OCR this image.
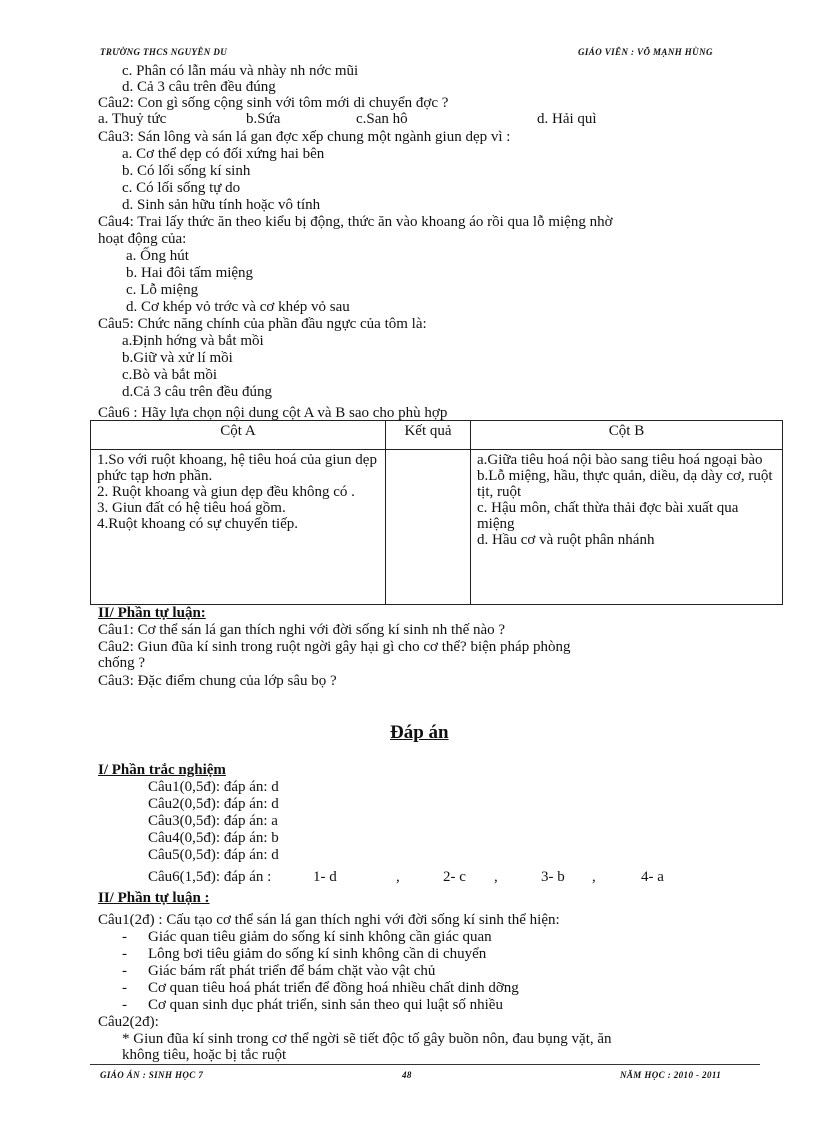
TRƯỜNG THCS NGUYỄN DU	GIÁO VIÊN : VÕ MẠNH HÙNG
c. Phân có lẫn máu và nhày nh nớc mũi
d. Cả 3 câu trên đều đúng
Câu2: Con gì sống cộng sinh với tôm mới di chuyển đợc ?
a. Thuỷ tức	b.Sứa	c.San hô	d. Hải quì
Câu3: Sán lông và sán lá gan đợc xếp chung một ngành giun dẹp vì :
a. Cơ thể dẹp có đối xứng hai bên
b. Có lối sống kí sinh
c. Có lối sống tự do
d. Sinh sản hữu tính hoặc vô tính
Câu4: Trai lấy thức ăn theo kiểu bị động, thức ăn vào khoang áo rồi qua lỗ miệng nhờ
hoạt động của:
a. Ống hút
b. Hai đôi tấm miệng
c. Lỗ miệng
d. Cơ khép vỏ trớc và cơ khép vỏ sau
Câu5: Chức năng chính của phần đầu ngực của tôm là:
a.Định hớng và bắt mồi
b.Giữ và xử lí mồi
c.Bò và bắt mồi
d.Cả 3 câu trên đều đúng
Câu6 : Hãy lựa chọn nội dung cột A và B sao cho phù hợp
Cột A	Kết quả	Cột B

1.So với ruột khoang, hệ tiêu hoá của giun dẹp phức tạp hơn phần.
2. Ruột khoang và giun dẹp đều không có .
3. Giun đất có hệ tiêu hoá gồm.
4.Ruột khoang có sự chuyển tiếp.		a.Giữa tiêu hoá nội bào sang tiêu hoá ngoại bào
b.Lỗ miệng, hầu, thực quản, diều, dạ dày cơ, ruột tịt, ruột
c. Hậu môn, chất thừa thải đợc bài xuất qua miệng
d. Hầu cơ và ruột phân nhánh
II/ Phần tự luận:
Câu1: Cơ thể sán lá gan thích nghi với đời sống kí sinh nh thế nào ?
Câu2: Giun đũa kí sinh trong ruột ngời gây hại gì cho cơ thể? biện pháp phòng
chống ?
Câu3: Đặc điểm chung của lớp sâu bọ ?
Đáp án
I/ Phần trắc nghiệm
Câu1(0,5đ): đáp án: d
Câu2(0,5đ): đáp án: d
Câu3(0,5đ): đáp án: a
Câu4(0,5đ): đáp án: b
Câu5(0,5đ): đáp án: d
Câu6(1,5đ): đáp án :	1- d	,	2- c ,	3- b ,	4- a
II/ Phần tự luận :
Câu1(2đ) : Cấu tạo cơ thể sán lá gan thích nghi với đời sống kí sinh thể hiện:
- Giác quan tiêu giảm do sống kí sinh không cần giác quan
- Lông bơi tiêu giảm do sống kí sinh không cần di chuyển
- Giác bám rất phát triển để bám chặt vào vật chủ
- Cơ quan tiêu hoá phát triển để đồng hoá nhiều chất dinh dỡng
- Cơ quan sinh dục phát triển, sinh sản theo qui luật số nhiều
Câu2(2đ):
* Giun đũa kí sinh trong cơ thể ngời sẽ tiết độc tố gây buồn nôn, đau bụng vặt, ăn
không tiêu, hoặc bị tắc ruột
GIÁO ÁN : SINH HỌC 7	48	NĂM HỌC : 2010 - 2011
